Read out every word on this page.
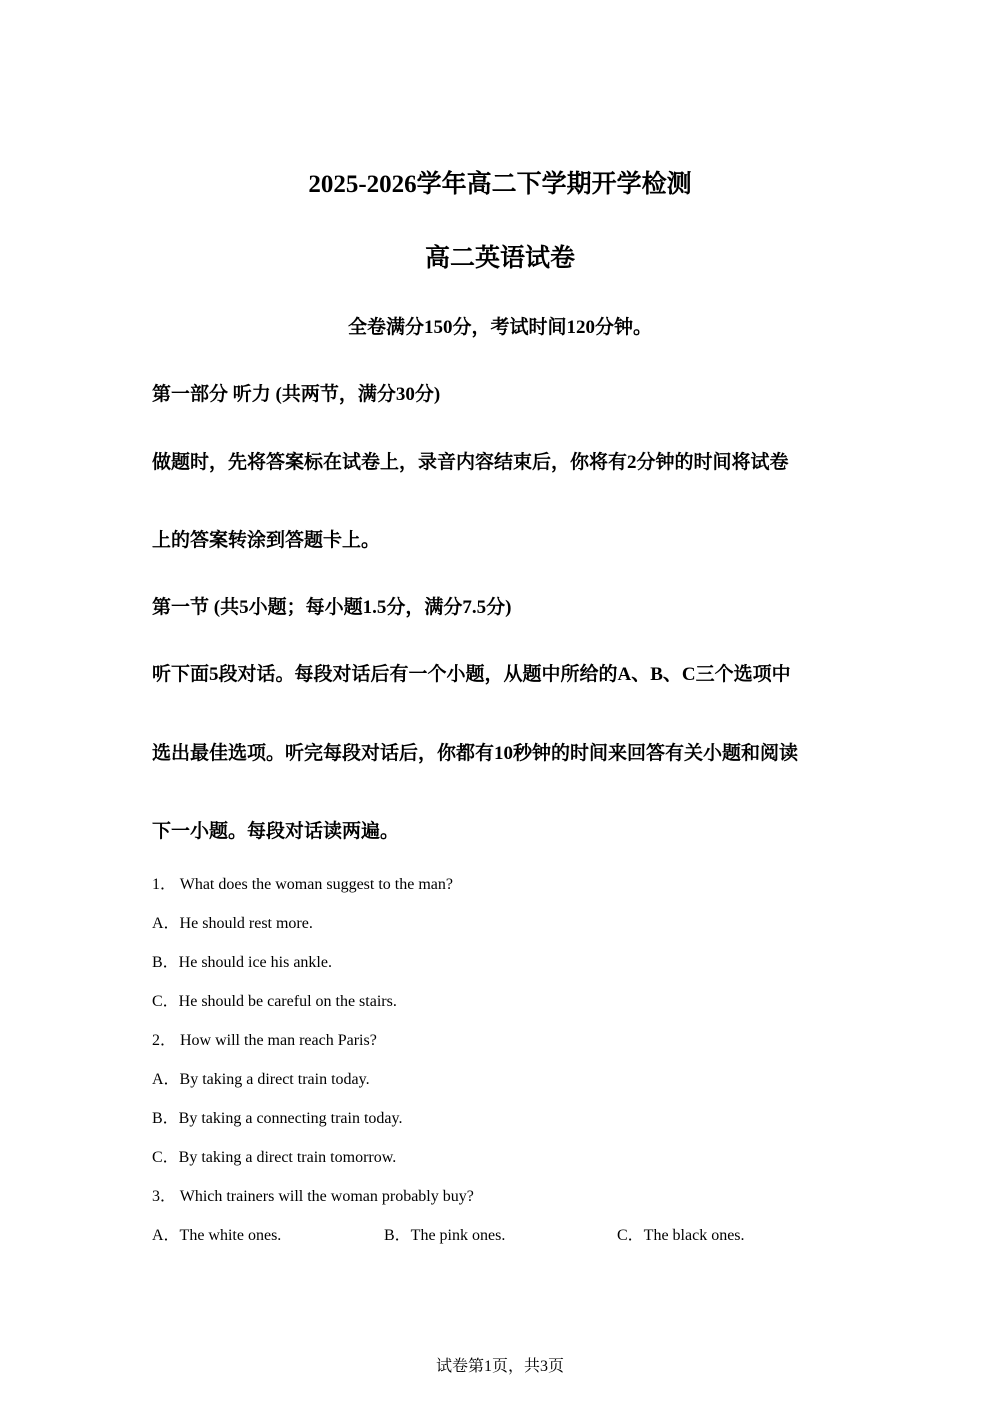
2025-2026学年高二下学期开学检测
高二英语试卷
全卷满分150分，考试时间120分钟。
第一部分 听力 (共两节，满分30分)
做题时，先将答案标在试卷上，录音内容结束后，你将有2分钟的时间将试卷
上的答案转涂到答题卡上。
第一节 (共5小题；每小题1.5分，满分7.5分)
听下面5段对话。每段对话后有一个小题，从题中所给的A、B、C三个选项中
选出最佳选项。听完每段对话后，你都有10秒钟的时间来回答有关小题和阅读
下一小题。每段对话读两遍。
1． What does the woman suggest to the man?
A．He should rest more.
B．He should ice his ankle.
C．He should be careful on the stairs.
2． How will the man reach Paris?
A．By taking a direct train today.
B．By taking a connecting train today.
C．By taking a direct train tomorrow.
3． Which trainers will the woman probably buy?
A．The white ones.	B．The pink ones.	C．The black ones.
试卷第1页，共3页
